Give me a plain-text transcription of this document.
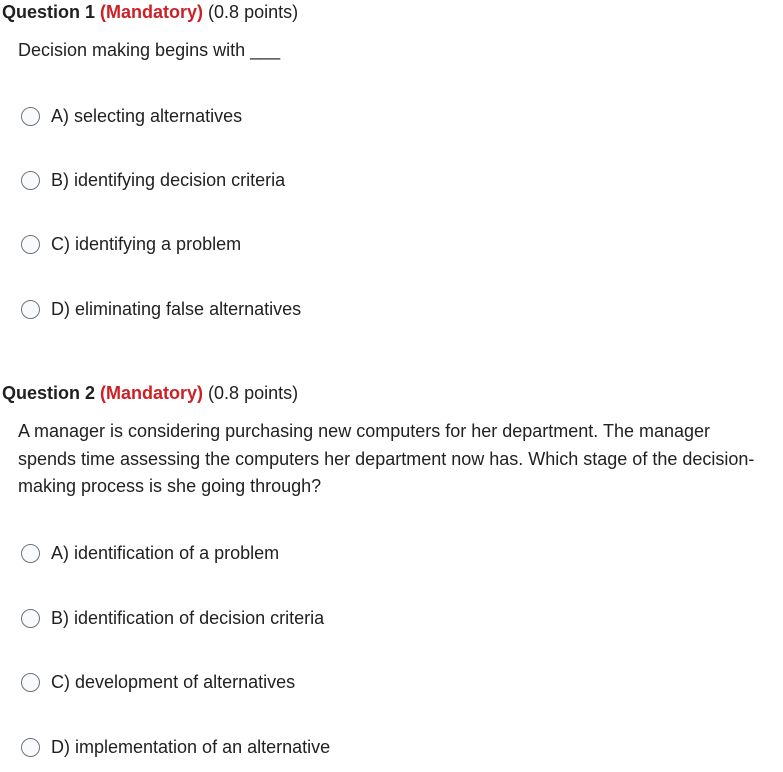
Question 1 (Mandatory) (0.8 points)
Decision making begins with ___
A) selecting alternatives
B) identifying decision criteria
C) identifying a problem
D) eliminating false alternatives
Question 2 (Mandatory) (0.8 points)
A manager is considering purchasing new computers for her department. The manager spends time assessing the computers her department now has. Which stage of the decision-making process is she going through?
A) identification of a problem
B) identification of decision criteria
C) development of alternatives
D) implementation of an alternative
